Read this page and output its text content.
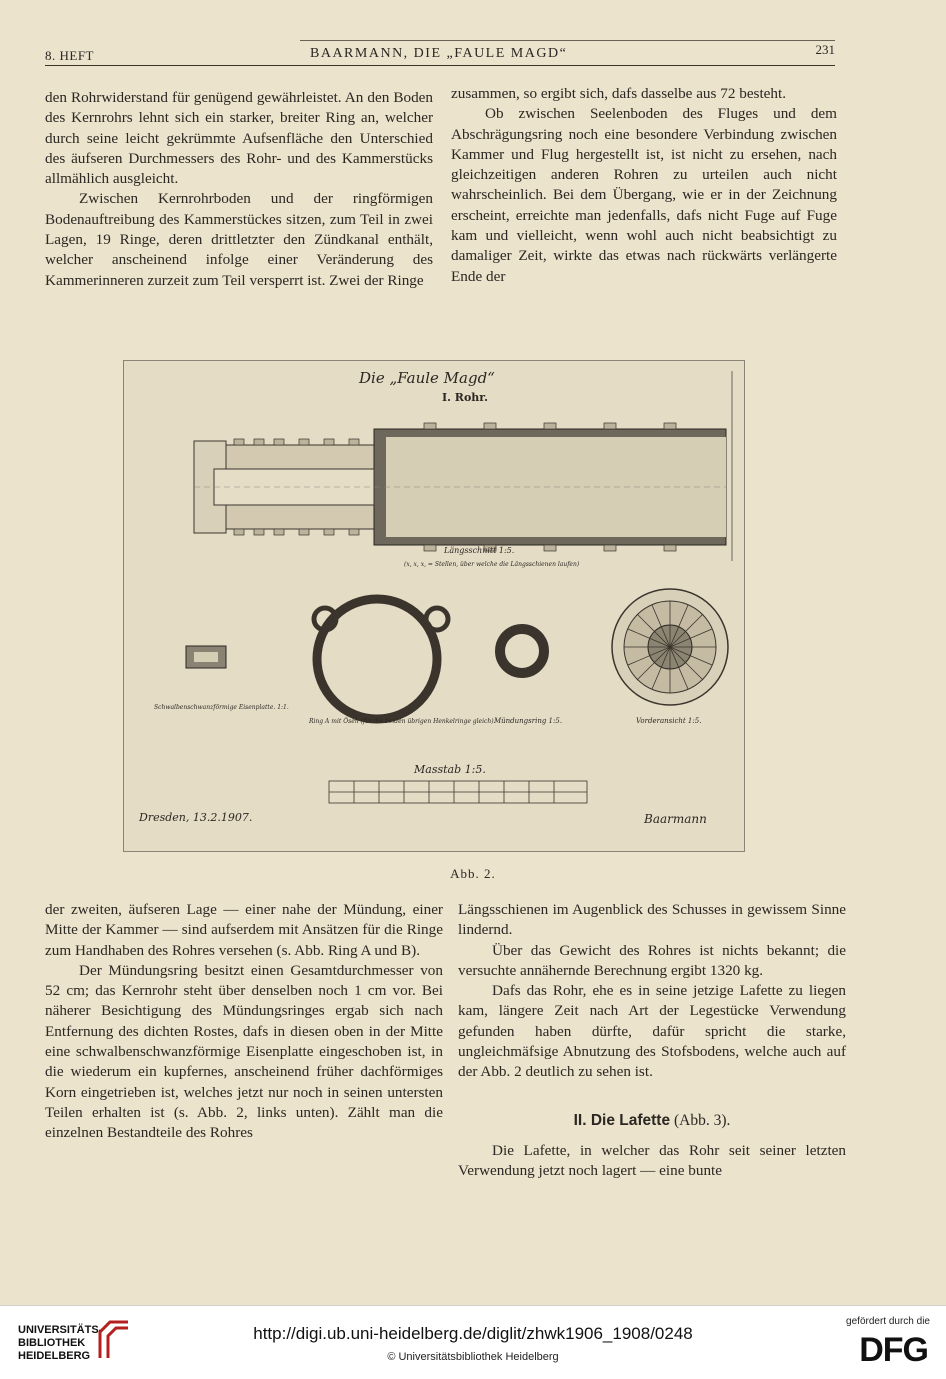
8. HEFT	BAARMANN, DIE „FAULE MAGD“	231

den Rohrwiderstand für genügend gewährleistet. An den Boden des Kernrohrs lehnt sich ein starker, breiter Ring an, welcher durch seine leicht gekrümmte Aufsenfläche den Unterschied des äufseren Durchmessers des Rohr- und des Kammerstücks allmählich ausgleicht.

Zwischen Kernrohrboden und der ringförmigen Bodenauftreibung des Kammerstückes sitzen, zum Teil in zwei Lagen, 19 Ringe, deren drittletzter den Zündkanal enthält, welcher anscheinend infolge einer Veränderung des Kammerinneren zurzeit zum Teil versperrt ist. Zwei der Ringe

zusammen, so ergibt sich, dafs dasselbe aus 72 besteht.

Ob zwischen Seelenboden des Fluges und dem Abschrägungsring noch eine besondere Verbindung zwischen Kammer und Flug hergestellt ist, ist nicht zu ersehen, nach gleichzeitigen anderen Rohren zu urteilen auch nicht wahrscheinlich. Bei dem Übergang, wie er in der Zeichnung erscheint, erreichte man jedenfalls, dafs nicht Fuge auf Fuge kam und vielleicht, wenn wohl auch nicht beabsichtigt zu damaliger Zeit, wirkte das etwas nach rückwärts verlängerte Ende der

Die „Faule Magd“
I. Rohr.
Längsschnitt 1:5.
(x, x, x, = Stellen, über welche die Längsschienen laufen)
Schwalbenschwanzförmige Eisenplatte. 1:1.
Ring A mit Ösen (für die beiden übrigen Henkelringe gleich).
Mündungsring 1:5.	Vorderansicht 1:5.
Masstab 1:5.
Dresden, 13.2.1907.	Baarmann
Abb. 2.

der zweiten, äufseren Lage — einer nahe der Mündung, einer Mitte der Kammer — sind aufserdem mit Ansätzen für die Ringe zum Handhaben des Rohres versehen (s. Abb. Ring A und B).

Der Mündungsring besitzt einen Gesamtdurchmesser von 52 cm; das Kernrohr steht über denselben noch 1 cm vor. Bei näherer Besichtigung des Mündungsringes ergab sich nach Entfernung des dichten Rostes, dafs in diesen oben in der Mitte eine schwalbenschwanzförmige Eisenplatte eingeschoben ist, in die wiederum ein kupfernes, anscheinend früher dachförmiges Korn eingetrieben ist, welches jetzt nur noch in seinen untersten Teilen erhalten ist (s. Abb. 2, links unten). Zählt man die einzelnen Bestandteile des Rohres

Längsschienen im Augenblick des Schusses in gewissem Sinne lindernd.

Über das Gewicht des Rohres ist nichts bekannt; die versuchte annähernde Berechnung ergibt 1320 kg.

Dafs das Rohr, ehe es in seine jetzige Lafette zu liegen kam, längere Zeit nach Art der Legestücke Verwendung gefunden haben dürfte, dafür spricht die starke, ungleichmäfsige Abnutzung des Stofsbodens, welche auch auf der Abb. 2 deutlich zu sehen ist.

II. Die Lafette (Abb. 3).

Die Lafette, in welcher das Rohr seit seiner letzten Verwendung jetzt noch lagert — eine bunte

UNIVERSITÄTS-
BIBLIOTHEK
HEIDELBERG
http://digi.ub.uni-heidelberg.de/diglit/zhwk1906_1908/0248
© Universitätsbibliothek Heidelberg
gefördert durch die
DFG
